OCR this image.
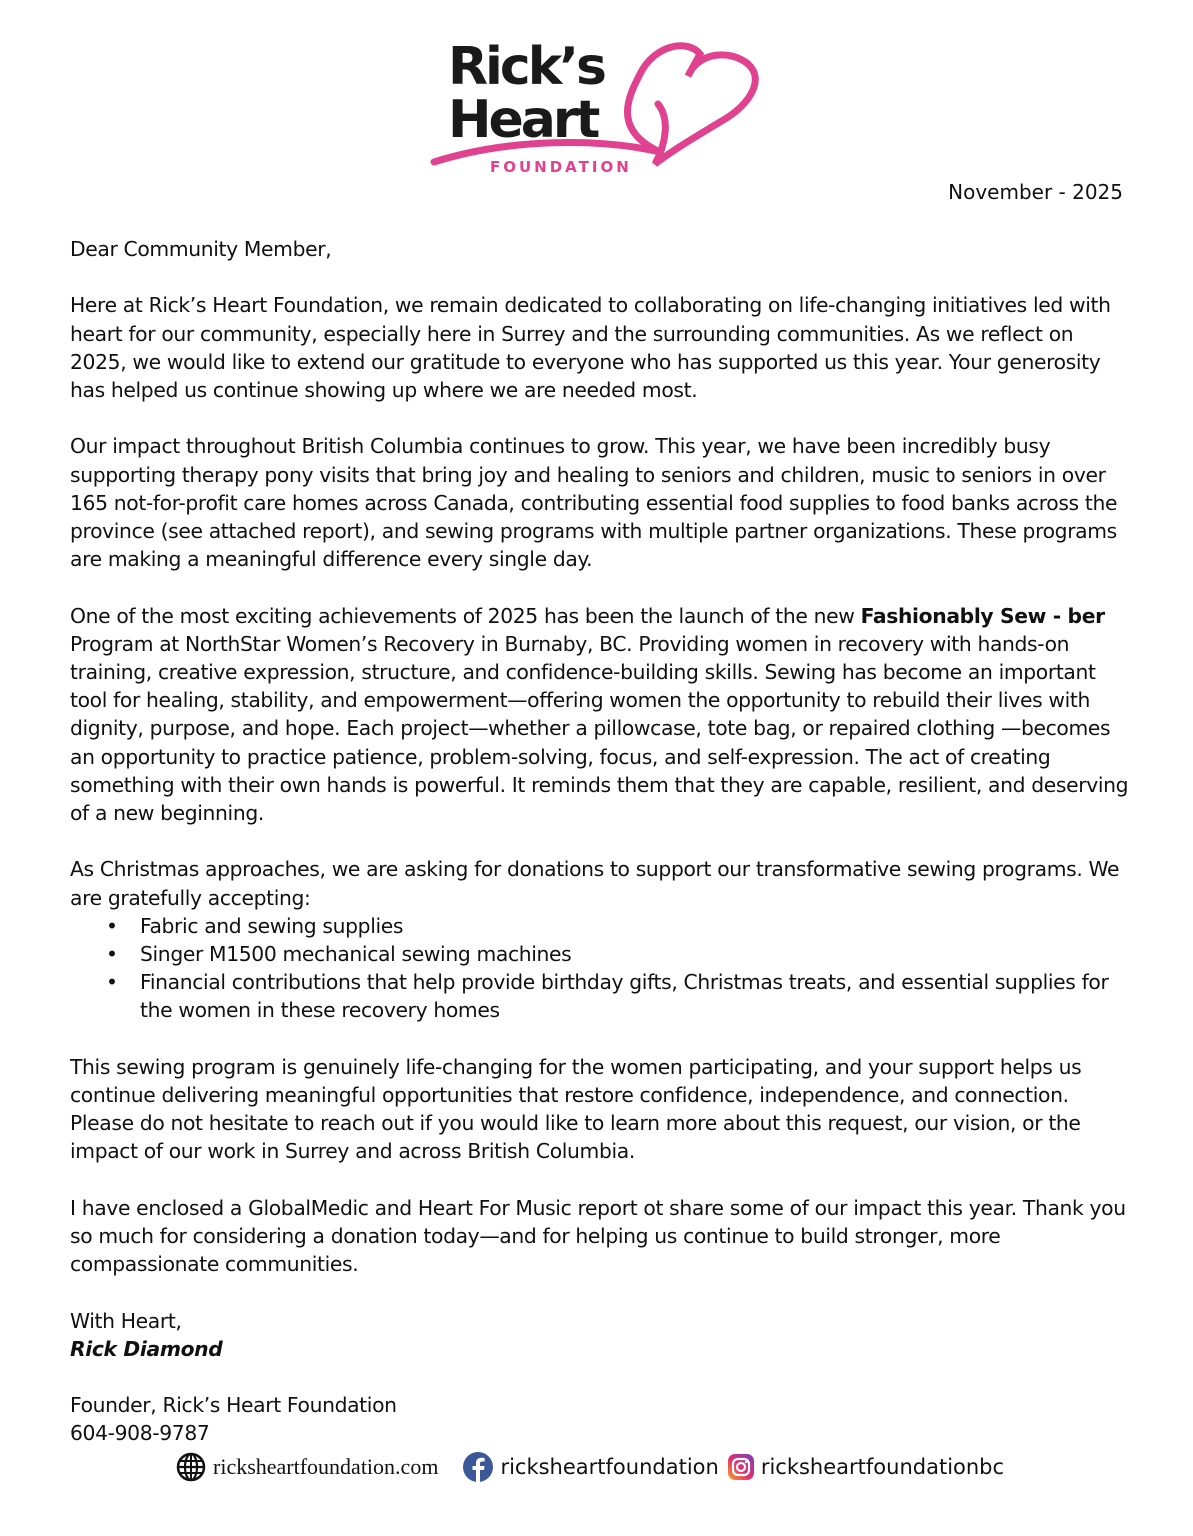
Rick’s
Heart
FOUNDATION
November - 2025

Dear Community Member,

Here at Rick’s Heart Foundation, we remain dedicated to collaborating on life-changing initiatives led with heart for our community, especially here in Surrey and the surrounding communities. As we reflect on 2025, we would like to extend our gratitude to everyone who has supported us this year. Your generosity has helped us continue showing up where we are needed most.

Our impact throughout British Columbia continues to grow. This year, we have been incredibly busy supporting therapy pony visits that bring joy and healing to seniors and children, music to seniors in over 165 not-for-profit care homes across Canada, contributing essential food supplies to food banks across the province (see attached report), and sewing programs with multiple partner organizations. These programs are making a meaningful difference every single day.

One of the most exciting achievements of 2025 has been the launch of the new Fashionably Sew - ber Program at NorthStar Women’s Recovery in Burnaby, BC. Providing women in recovery with hands-on training, creative expression, structure, and confidence-building skills. Sewing has become an important tool for healing, stability, and empowerment—offering women the opportunity to rebuild their lives with dignity, purpose, and hope. Each project—whether a pillowcase, tote bag, or repaired clothing —becomes an opportunity to practice patience, problem-solving, focus, and self-expression. The act of creating something with their own hands is powerful. It reminds them that they are capable, resilient, and deserving of a new beginning.

As Christmas approaches, we are asking for donations to support our transformative sewing programs. We are gratefully accepting:
• Fabric and sewing supplies
• Singer M1500 mechanical sewing machines
• Financial contributions that help provide birthday gifts, Christmas treats, and essential supplies for the women in these recovery homes

This sewing program is genuinely life-changing for the women participating, and your support helps us continue delivering meaningful opportunities that restore confidence, independence, and connection. Please do not hesitate to reach out if you would like to learn more about this request, our vision, or the impact of our work in Surrey and across British Columbia.

I have enclosed a GlobalMedic and Heart For Music report ot share some of our impact this year. Thank you so much for considering a donation today—and for helping us continue to build stronger, more compassionate communities.

With Heart,

Rick Diamond

Founder, Rick’s Heart Foundation

604-908-9787

ricksheartfoundation.com	ricksheartfoundation ricksheartfoundationbc
